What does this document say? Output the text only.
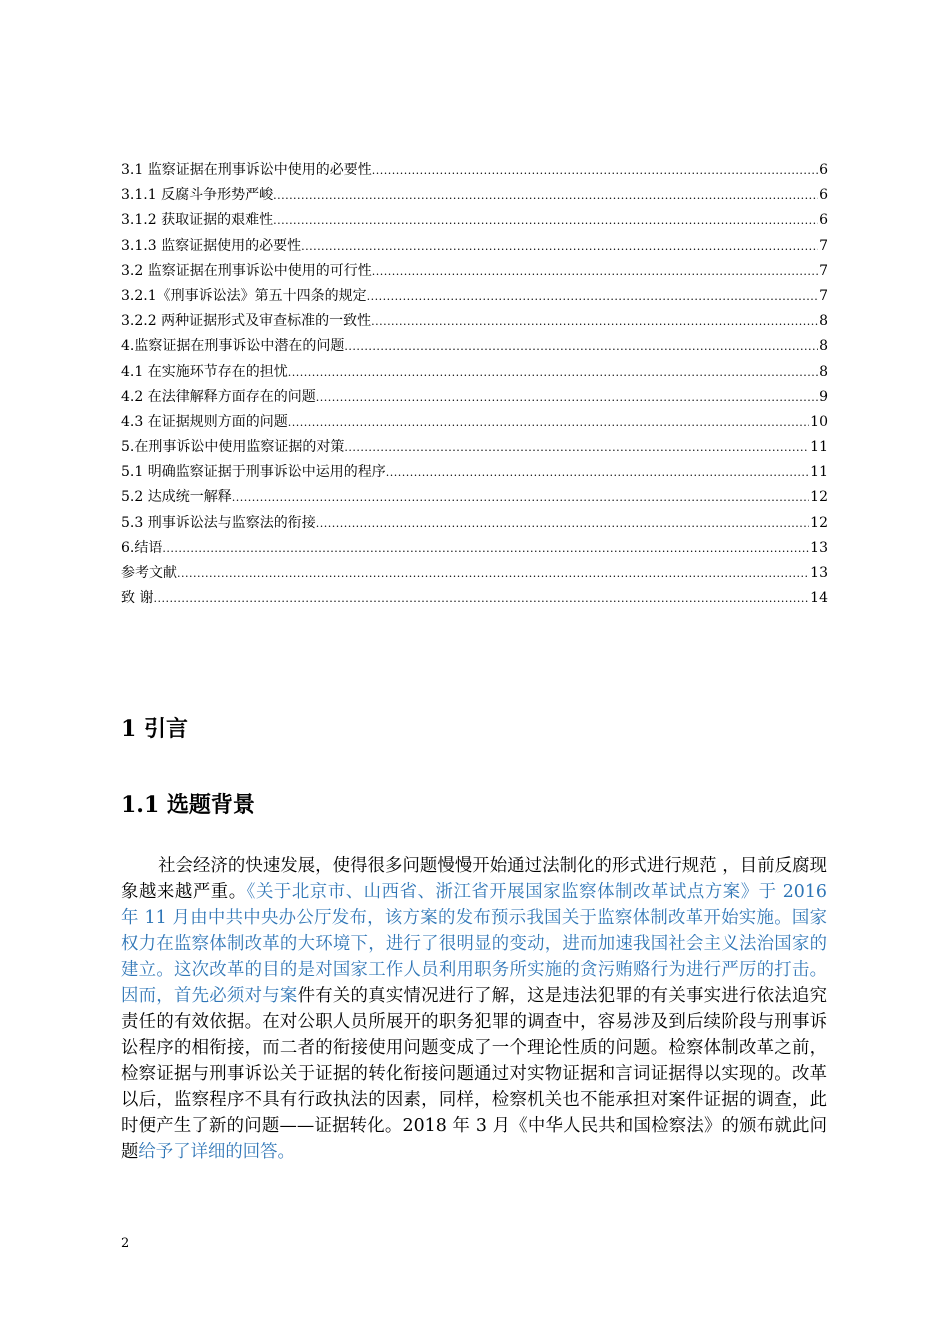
3.1 监察证据在刑事诉讼中使用的必要性 .....	6
3.1.1 反腐斗争形势严峻 .....	6
3.1.2 获取证据的艰难性 .....	6
3.1.3 监察证据使用的必要性 .....	7
3.2 监察证据在刑事诉讼中使用的可行性 .....	7
3.2.1《刑事诉讼法》第五十四条的规定 .....	7
3.2.2 两种证据形式及审查标准的一致性 .....	8
4.监察证据在刑事诉讼中潜在的问题 .....	8
4.1 在实施环节存在的担忧 .....	8
4.2 在法律解释方面存在的问题 .....	9
4.3 在证据规则方面的问题 .....	10
5.在刑事诉讼中使用监察证据的对策 .....	11
5.1 明确监察证据于刑事诉讼中运用的程序 .....	11
5.2 达成统一解释 .....	12
5.3 刑事诉讼法与监察法的衔接 .....	12
6.结语 .....	13
参考文献 .....	13
致 谢 .....	14
1 引言
1.1 选题背景

社会经济的快速发展，使得很多问题慢慢开始通过法制化的形式进行规范 ，目前反腐现象越来越严重。《关于北京市、山西省、浙江省开展国家监察体制改革试点方案》于 2016 年 11 月由中共中央办公厅发布，该方案的发布预示我国关于监察体制改革开始实施。国家权力在监察体制改革的大环境下，进行了很明显的变动，进而加速我国社会主义法治国家的建立。这次改革的目的是对国家工作人员利用职务所实施的贪污贿赂行为进行严厉的打击。因而，首先必须对与案件有关的真实情况进行了解，这是违法犯罪的有关事实进行依法追究责任的有效依据。在对公职人员所展开的职务犯罪的调查中，容易涉及到后续阶段与刑事诉讼程序的相衔接，而二者的衔接使用问题变成了一个理论性质的问题。检察体制改革之前，检察证据与刑事诉讼关于证据的转化衔接问题通过对实物证据和言词证据得以实现的。改革以后，监察程序不具有行政执法的因素，同样，检察机关也不能承担对案件证据的调查，此时便产生了新的问题——证据转化。2018 年 3 月《中华人民共和国检察法》的颁布就此问题给予了详细的回答。

2
